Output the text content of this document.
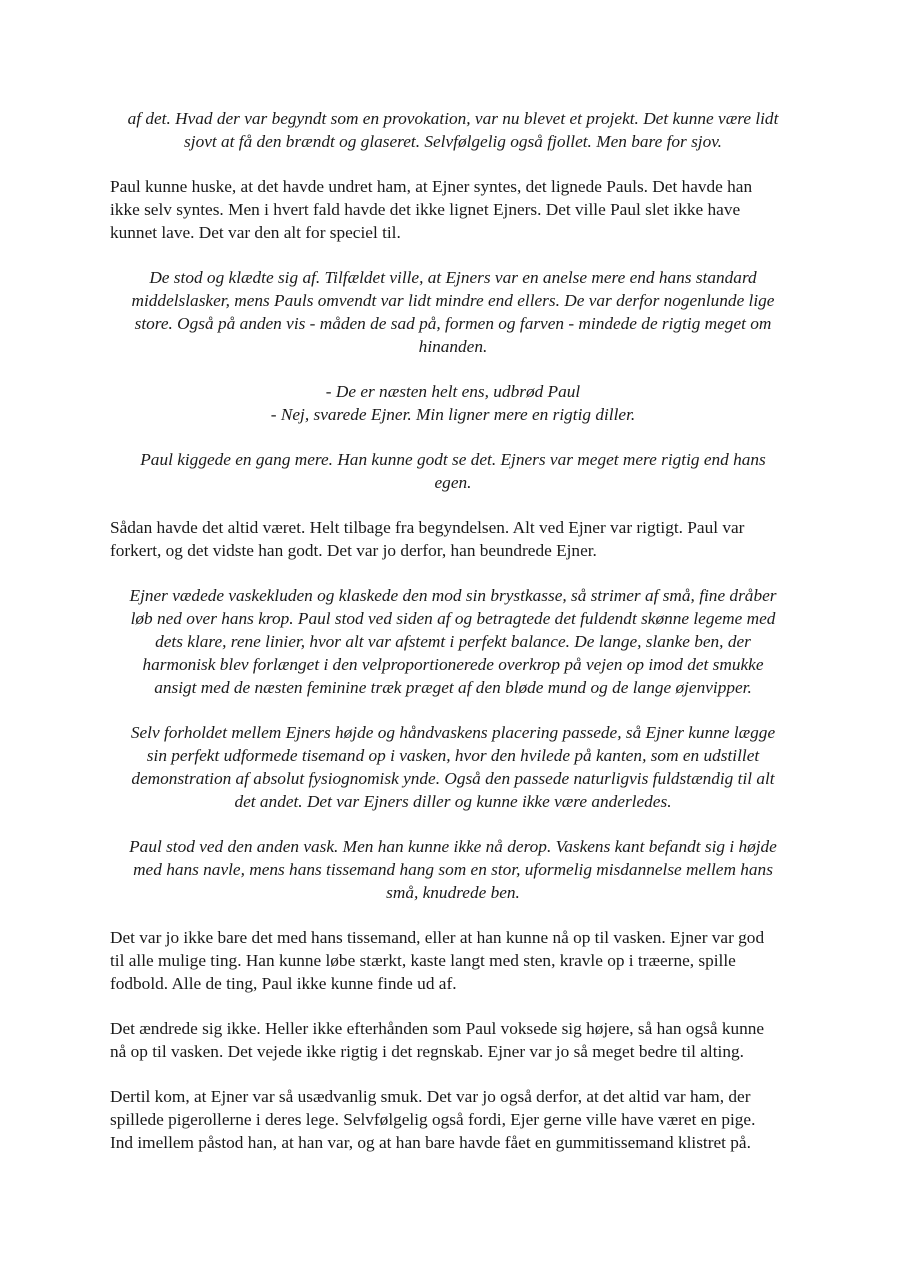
af det. Hvad der var begyndt som en provokation, var nu blevet et projekt. Det kunne være lidt
sjovt at få den brændt og glaseret. Selvfølgelig også fjollet. Men bare for sjov.

Paul kunne huske, at det havde undret ham, at Ejner syntes, det lignede Pauls. Det havde han
ikke selv syntes. Men i hvert fald havde det ikke lignet Ejners. Det ville Paul slet ikke have
kunnet lave. Det var den alt for speciel til.

De stod og klædte sig af. Tilfældet ville, at Ejners var en anelse mere end hans standard
middelslasker, mens Pauls omvendt var lidt mindre end ellers. De var derfor nogenlunde lige
store. Også på anden vis - måden de sad på, formen og farven - mindede de rigtig meget om
hinanden.

- De er næsten helt ens, udbrød Paul
- Nej, svarede Ejner. Min ligner mere en rigtig diller.

Paul kiggede en gang mere. Han kunne godt se det. Ejners var meget mere rigtig end hans
egen.

Sådan havde det altid været. Helt tilbage fra begyndelsen. Alt ved Ejner var rigtigt. Paul var
forkert, og det vidste han godt. Det var jo derfor, han beundrede Ejner.

Ejner vædede vaskekluden og klaskede den mod sin brystkasse, så strimer af små, fine dråber
løb ned over hans krop. Paul stod ved siden af og betragtede det fuldendt skønne legeme med
dets klare, rene linier, hvor alt var afstemt i perfekt balance. De lange, slanke ben, der
harmonisk blev forlænget i den velproportionerede overkrop på vejen op imod det smukke
ansigt med de næsten feminine træk præget af den bløde mund og de lange øjenvipper.

Selv forholdet mellem Ejners højde og håndvaskens placering passede, så Ejner kunne lægge
sin perfekt udformede tisemand op i vasken, hvor den hvilede på kanten, som en udstillet
demonstration af absolut fysiognomisk ynde. Også den passede naturligvis fuldstændig til alt
det andet. Det var Ejners diller og kunne ikke være anderledes.

Paul stod ved den anden vask. Men han kunne ikke nå derop. Vaskens kant befandt sig i højde
med hans navle, mens hans tissemand hang som en stor, uformelig misdannelse mellem hans
små, knudrede ben.

Det var jo ikke bare det med hans tissemand, eller at han kunne nå op til vasken. Ejner var god
til alle mulige ting. Han kunne løbe stærkt, kaste langt med sten, kravle op i træerne, spille
fodbold. Alle de ting, Paul ikke kunne finde ud af.

Det ændrede sig ikke. Heller ikke efterhånden som Paul voksede sig højere, så han også kunne
nå op til vasken. Det vejede ikke rigtig i det regnskab. Ejner var jo så meget bedre til alting.

Dertil kom, at Ejner var så usædvanlig smuk. Det var jo også derfor, at det altid var ham, der
spillede pigerollerne i deres lege. Selvfølgelig også fordi, Ejer gerne ville have været en pige.
Ind imellem påstod han, at han var, og at han bare havde fået en gummitissemand klistret på.
